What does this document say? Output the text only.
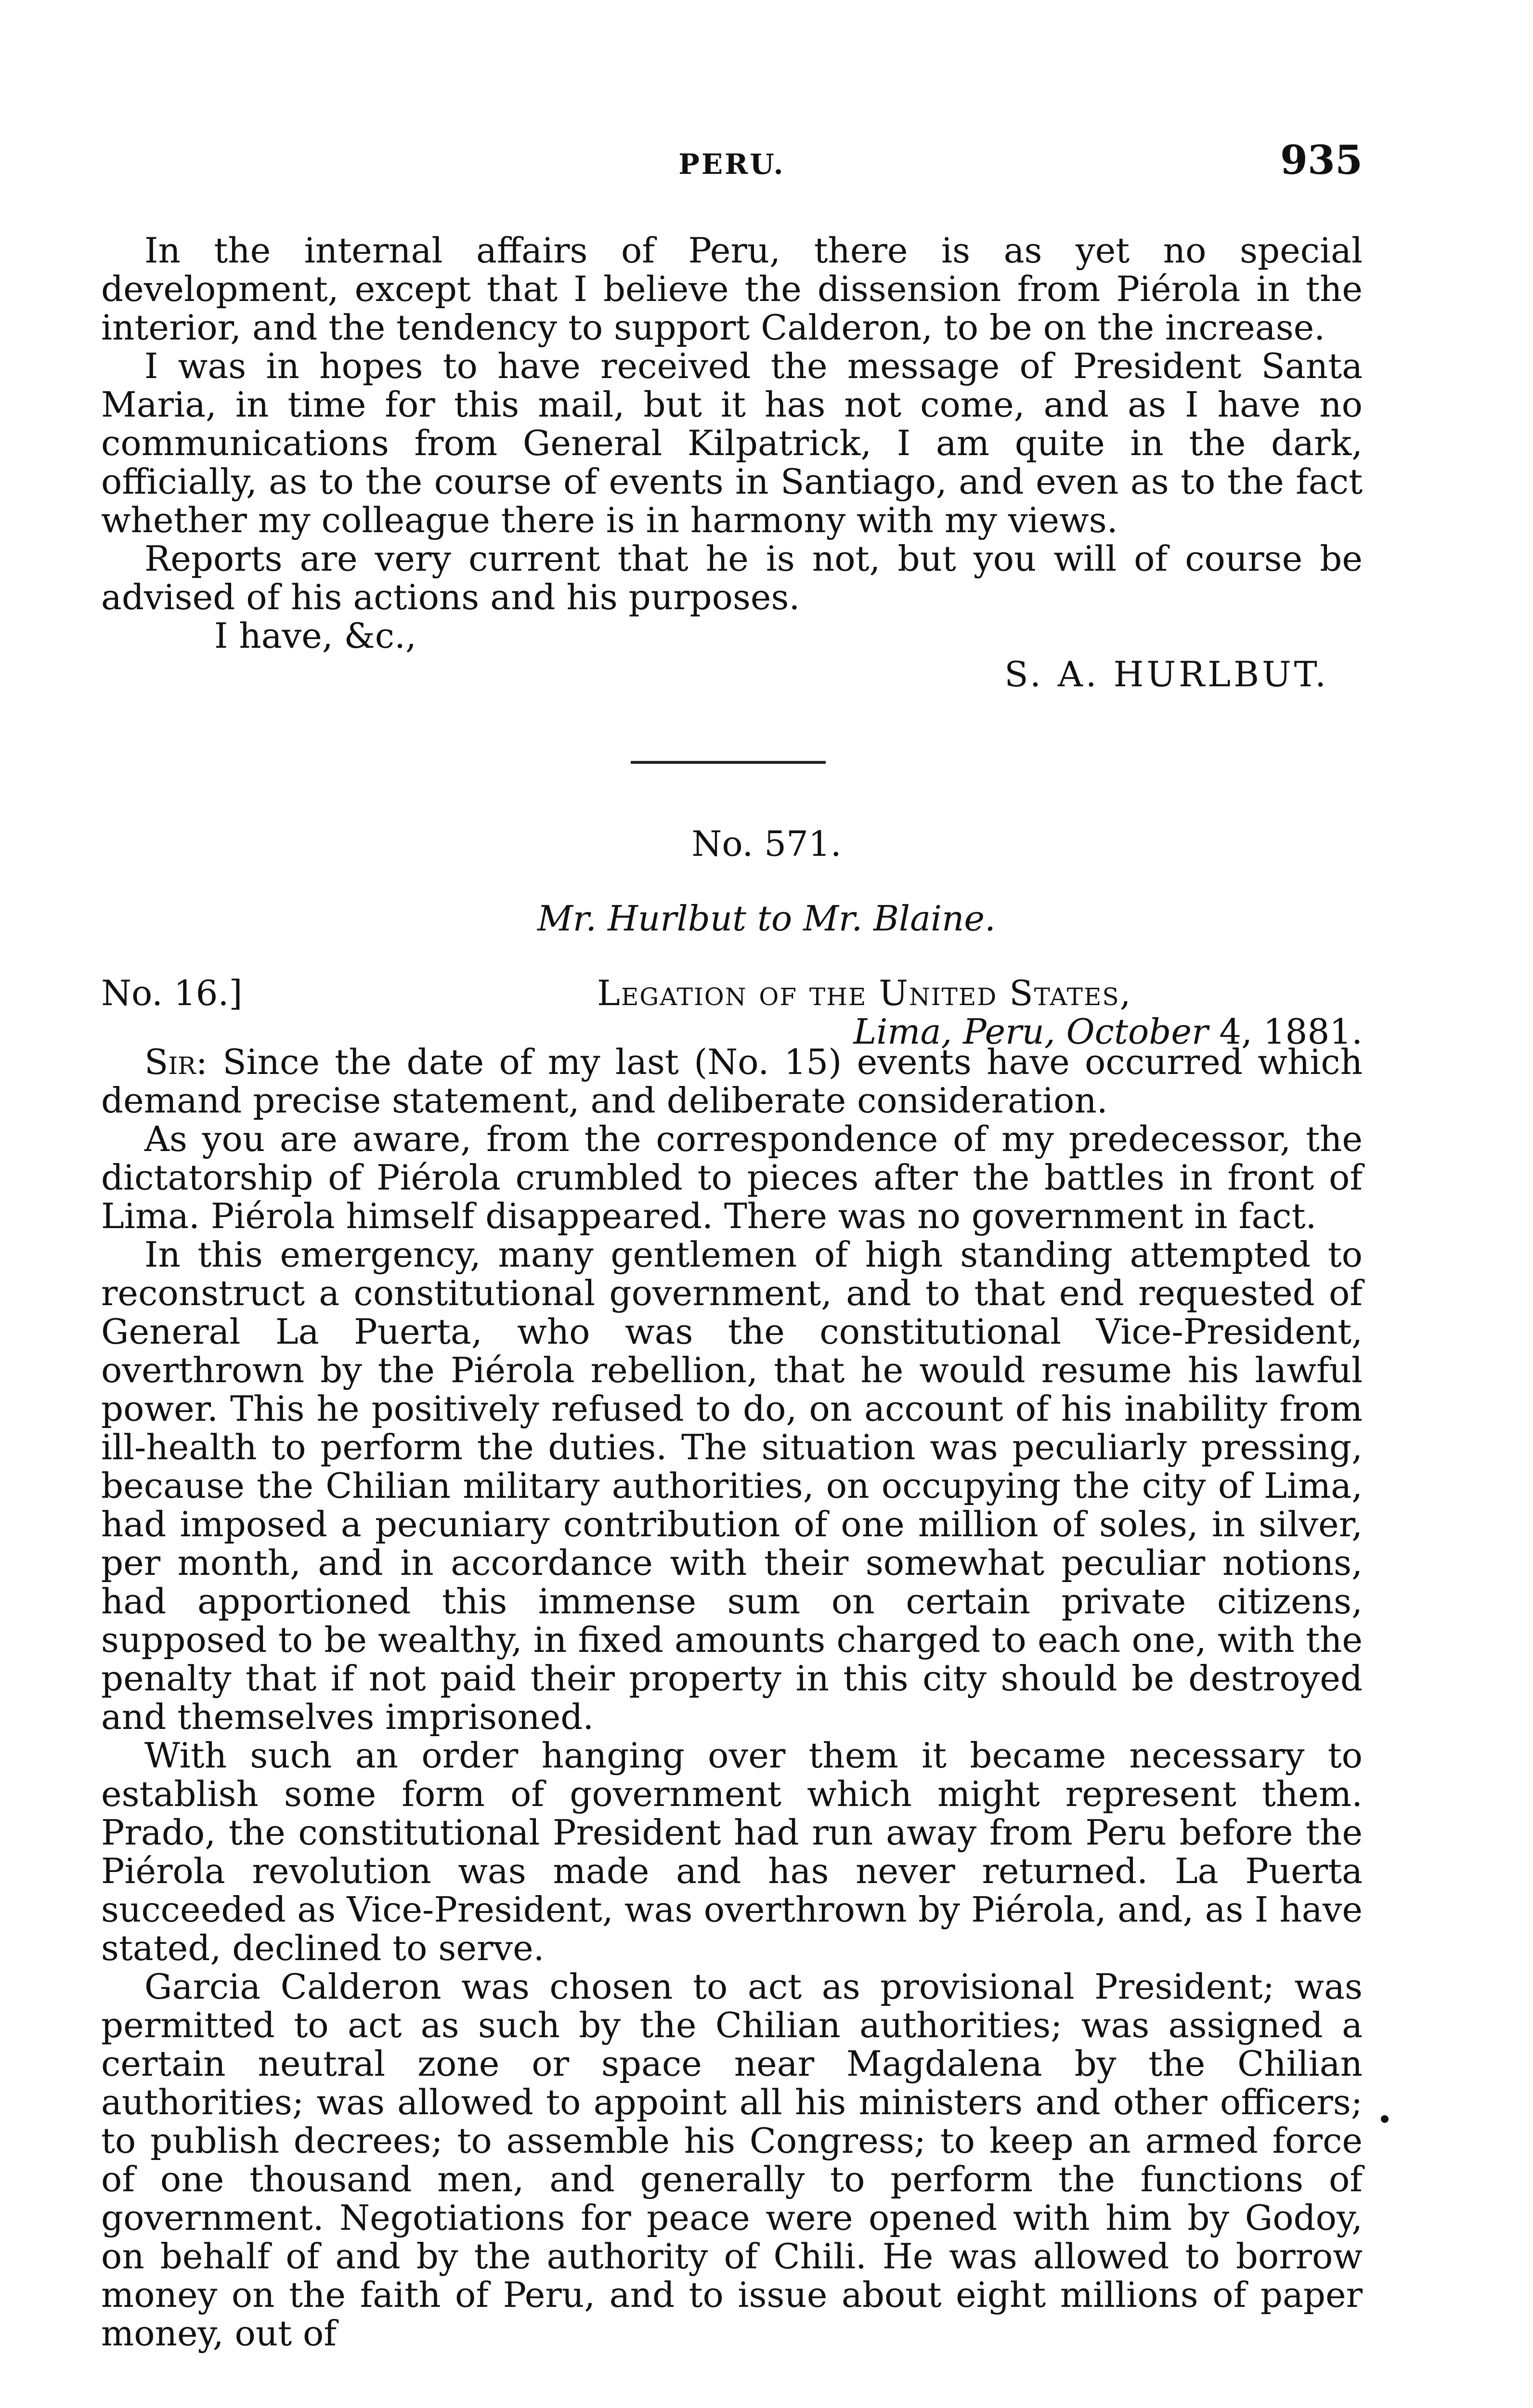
PERU.	935

In the internal affairs of Peru, there is as yet no special development, except that I believe the dissension from Piérola in the interior, and the tendency to support Calderon, to be on the increase.

I was in hopes to have received the message of President Santa Maria, in time for this mail, but it has not come, and as I have no communications from General Kilpatrick, I am quite in the dark, officially, as to the course of events in Santiago, and even as to the fact whether my colleague there is in harmony with my views.

Reports are very current that he is not, but you will of course be advised of his actions and his purposes.

I have, &c.,
S. A. HURLBUT.
No. 571.
Mr. Hurlbut to Mr. Blaine.
No. 16.]	Legation of the United States,
Lima, Peru, October 4, 1881.

Sir: Since the date of my last (No. 15) events have occurred which demand precise statement, and deliberate consideration.

As you are aware, from the correspondence of my predecessor, the dictatorship of Piérola crumbled to pieces after the battles in front of Lima. Piérola himself disappeared. There was no government in fact.

In this emergency, many gentlemen of high standing attempted to reconstruct a constitutional government, and to that end requested of General La Puerta, who was the constitutional Vice-President, overthrown by the Piérola rebellion, that he would resume his lawful power. This he positively refused to do, on account of his inability from ill-health to perform the duties. The situation was peculiarly pressing, because the Chilian military authorities, on occupying the city of Lima, had imposed a pecuniary contribution of one million of soles, in silver, per month, and in accordance with their somewhat peculiar notions, had apportioned this immense sum on certain private citizens, supposed to be wealthy, in fixed amounts charged to each one, with the penalty that if not paid their property in this city should be destroyed and themselves imprisoned.

With such an order hanging over them it became necessary to establish some form of government which might represent them. Prado, the constitutional President had run away from Peru before the Piérola revolution was made and has never returned. La Puerta succeeded as Vice-President, was overthrown by Piérola, and, as I have stated, declined to serve.

Garcia Calderon was chosen to act as provisional President; was permitted to act as such by the Chilian authorities; was assigned a certain neutral zone or space near Magdalena by the Chilian authorities; was allowed to appoint all his ministers and other officers; to publish decrees; to assemble his Congress; to keep an armed force of one thousand men, and generally to perform the functions of government. Negotiations for peace were opened with him by Godoy, on behalf of and by the authority of Chili. He was allowed to borrow money on the faith of Peru, and to issue about eight millions of paper money, out of
